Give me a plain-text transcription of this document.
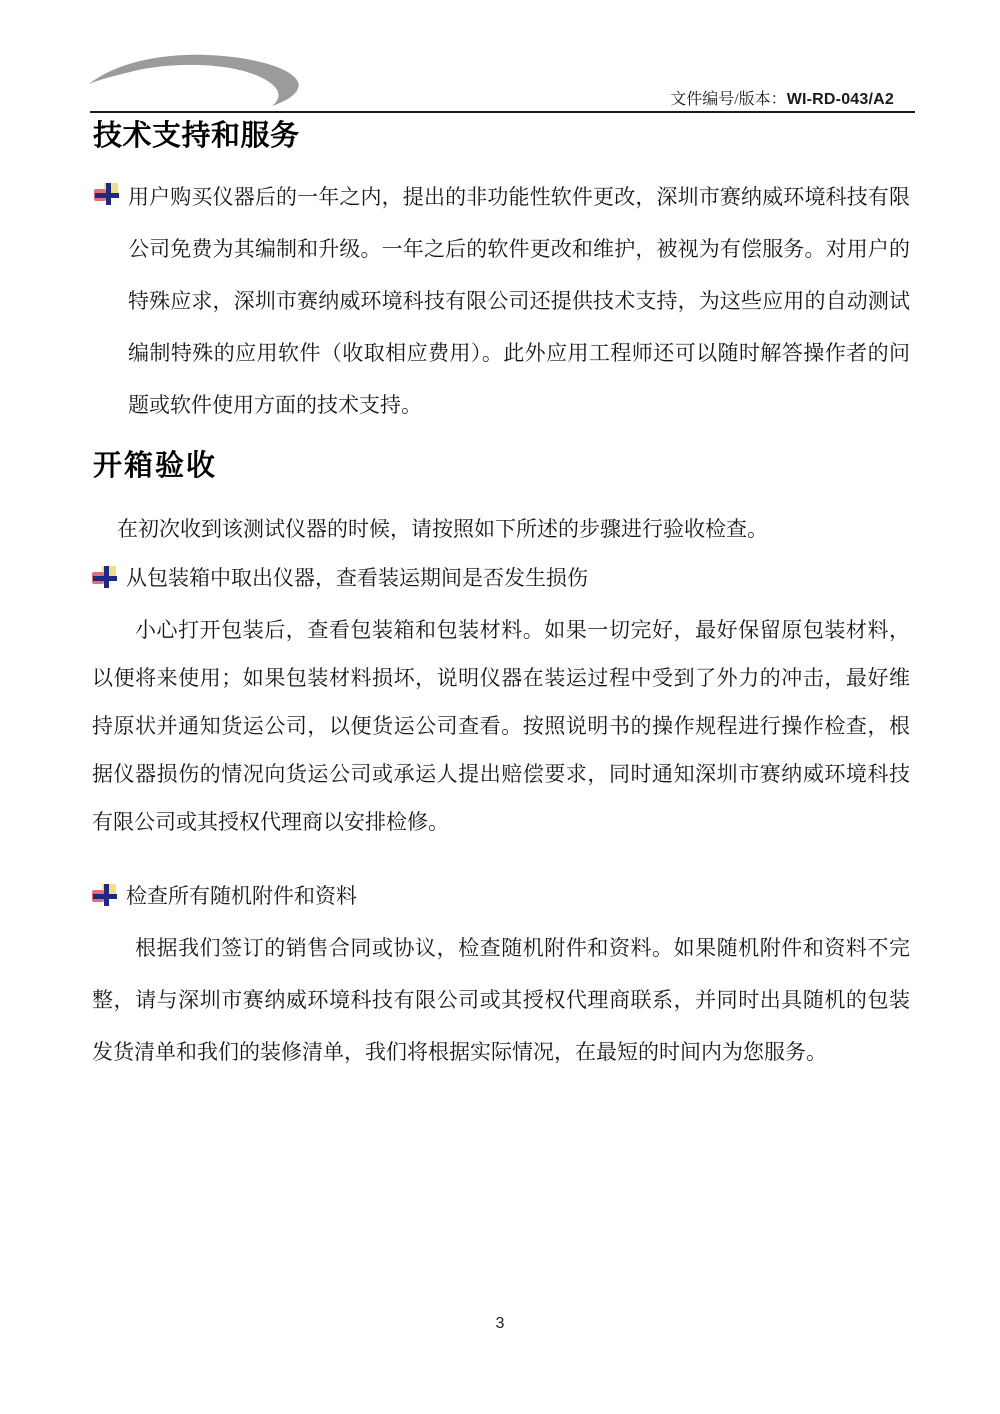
文件编号/版本：WI-RD-043/A2
技术支持和服务
用户购买仪器后的一年之内，提出的非功能性软件更改，深圳市赛纳威环境科技有限公司免费为其编制和升级。一年之后的软件更改和维护，被视为有偿服务。对用户的特殊应求，深圳市赛纳威环境科技有限公司还提供技术支持，为这些应用的自动测试编制特殊的应用软件（收取相应费用）。此外应用工程师还可以随时解答操作者的问题或软件使用方面的技术支持。
开箱验收
在初次收到该测试仪器的时候，请按照如下所述的步骤进行验收检查。
从包装箱中取出仪器，查看装运期间是否发生损伤
小心打开包装后，查看包装箱和包装材料。如果一切完好，最好保留原包装材料，以便将来使用；如果包装材料损坏，说明仪器在装运过程中受到了外力的冲击，最好维持原状并通知货运公司，以便货运公司查看。按照说明书的操作规程进行操作检查，根据仪器损伤的情况向货运公司或承运人提出赔偿要求，同时通知深圳市赛纳威环境科技有限公司或其授权代理商以安排检修。
检查所有随机附件和资料
根据我们签订的销售合同或协议，检查随机附件和资料。如果随机附件和资料不完整，请与深圳市赛纳威环境科技有限公司或其授权代理商联系，并同时出具随机的包装发货清单和我们的装修清单，我们将根据实际情况，在最短的时间内为您服务。
3
